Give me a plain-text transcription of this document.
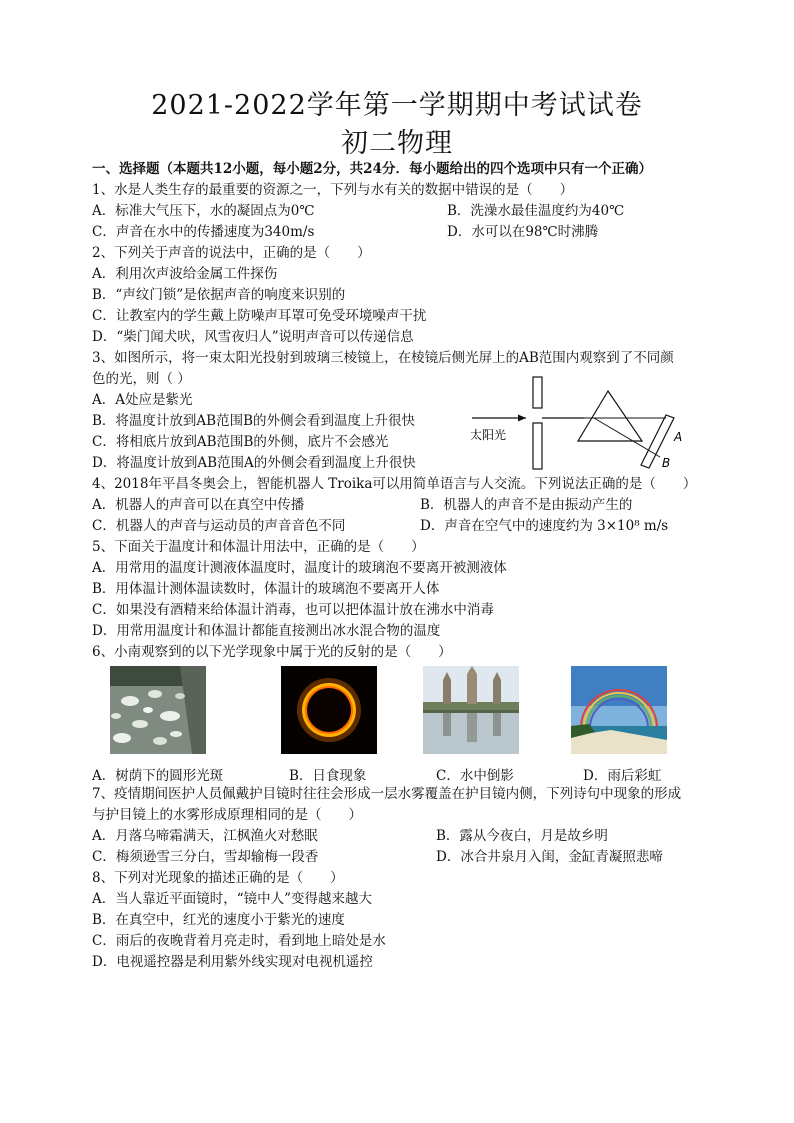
2021-2022学年第一学期期中考试试卷
初二物理
一、选择题（本题共12小题，每小题2分，共24分．每小题给出的四个选项中只有一个正确）
1、水是人类生存的最重要的资源之一，下列与水有关的数据中错误的是（　　）
A．标准大气压下，水的凝固点为0℃	B．洗澡水最佳温度约为40℃
C．声音在水中的传播速度为340m/s	D．水可以在98℃时沸腾
2、下列关于声音的说法中，正确的是（　　）
A．利用次声波给金属工件探伤
B．“声纹门锁”是依据声音的响度来识别的
C．让教室内的学生戴上防噪声耳罩可免受环境噪声干扰
D．“柴门闻犬吠，风雪夜归人”说明声音可以传递信息
3、如图所示，将一束太阳光投射到玻璃三棱镜上，在棱镜后侧光屏上的AB范围内观察到了不同颜
色的光，则（ ）
A．A处应是紫光
B．将温度计放到AB范围B的外侧会看到温度上升很快
C．将相底片放到AB范围B的外侧，底片不会感光
D．将温度计放到AB范围A的外侧会看到温度上升很快
太阳光	A
B
4、2018年平昌冬奥会上，智能机器人 Troika可以用简单语言与人交流。下列说法正确的是（　　）
A．机器人的声音可以在真空中传播	B．机器人的声音不是由振动产生的
C．机器人的声音与运动员的声音音色不同	D．声音在空气中的速度约为 3×10⁸ m/s
5、下面关于温度计和体温计用法中，正确的是（　　）
A．用常用的温度计测液体温度时，温度计的玻璃泡不要离开被测液体
B．用体温计测体温读数时，体温计的玻璃泡不要离开人体
C．如果没有酒精来给体温计消毒，也可以把体温计放在沸水中消毒
D．用常用温度计和体温计都能直接测出冰水混合物的温度
6、小南观察到的以下光学现象中属于光的反射的是（　　）
A．树荫下的圆形光斑	B．日食现象	C．水中倒影	D．雨后彩虹
7、疫情期间医护人员佩戴护目镜时往往会形成一层水雾覆盖在护目镜内侧，下列诗句中现象的形成
与护目镜上的水雾形成原理相同的是（　　）
A．月落乌啼霜满天，江枫渔火对愁眠	B．露从今夜白，月是故乡明
C．梅须逊雪三分白，雪却输梅一段香	D．冰合井泉月入闺，金缸青凝照悲啼
8、下列对光现象的描述正确的是（　　）
A．当人靠近平面镜时，“镜中人”变得越来越大
B．在真空中，红光的速度小于紫光的速度
C．雨后的夜晚背着月亮走时，看到地上暗处是水
D．电视遥控器是利用紫外线实现对电视机遥控
